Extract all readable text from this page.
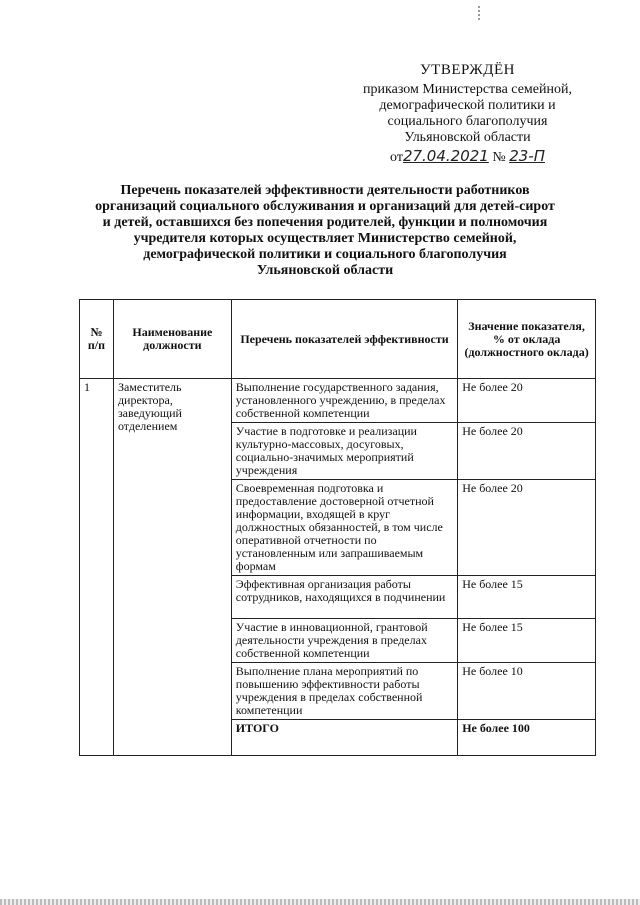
УТВЕРЖДЁН
приказом Министерства семейной,
демографической политики и
социального благополучия
Ульяновской области
от27.04.2021 № 23-П
Перечень показателей эффективности деятельности работников
организаций социального обслуживания и организаций для детей-сирот
и детей, оставшихся без попечения родителей, функции и полномочия
учредителя которых осуществляет Министерство семейной,
демографической политики и социального благополучия
Ульяновской области
№ п/п	Наименование должности	Перечень показателей эффективности	Значение показателя, % от оклада (должностного оклада)
1	Заместитель директора, заведующий отделением	Выполнение государственного задания, установленного учреждению, в пределах собственной компетенции	Не более 20
		Участие в подготовке и реализации культурно-массовых, досуговых, социально-значимых мероприятий учреждения	Не более 20
		Своевременная подготовка и предоставление достоверной отчетной информации, входящей в круг должностных обязанностей, в том числе оперативной отчетности по установленным или запрашиваемым формам	Не более 20
		Эффективная организация работы сотрудников, находящихся в подчинении	Не более 15
		Участие в инновационной, грантовой деятельности учреждения в пределах собственной компетенции	Не более 15
		Выполнение плана мероприятий по повышению эффективности работы учреждения в пределах собственной компетенции	Не более 10
		ИТОГО	Не более 100
